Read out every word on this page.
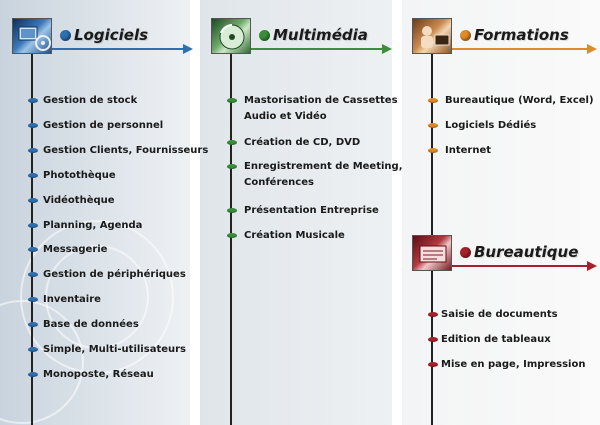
Logiciels
Gestion de stock
Gestion de personnel
Gestion Clients, Fournisseurs
Photothèque
Vidéothèque
Planning, Agenda
Messagerie
Gestion de périphériques
Inventaire
Base de données
Simple, Multi-utilisateurs
Monoposte, Réseau
Multimédia
Mastorisation de Cassettes
Audio et Vidéo
Création de CD, DVD
Enregistrement de Meeting,
Conférences
Présentation Entreprise
Création Musicale
Formations
Bureautique (Word, Excel)
Logiciels Dédiés
Internet
Bureautique
Saisie de documents
Edition de tableaux
Mise en page, Impression
